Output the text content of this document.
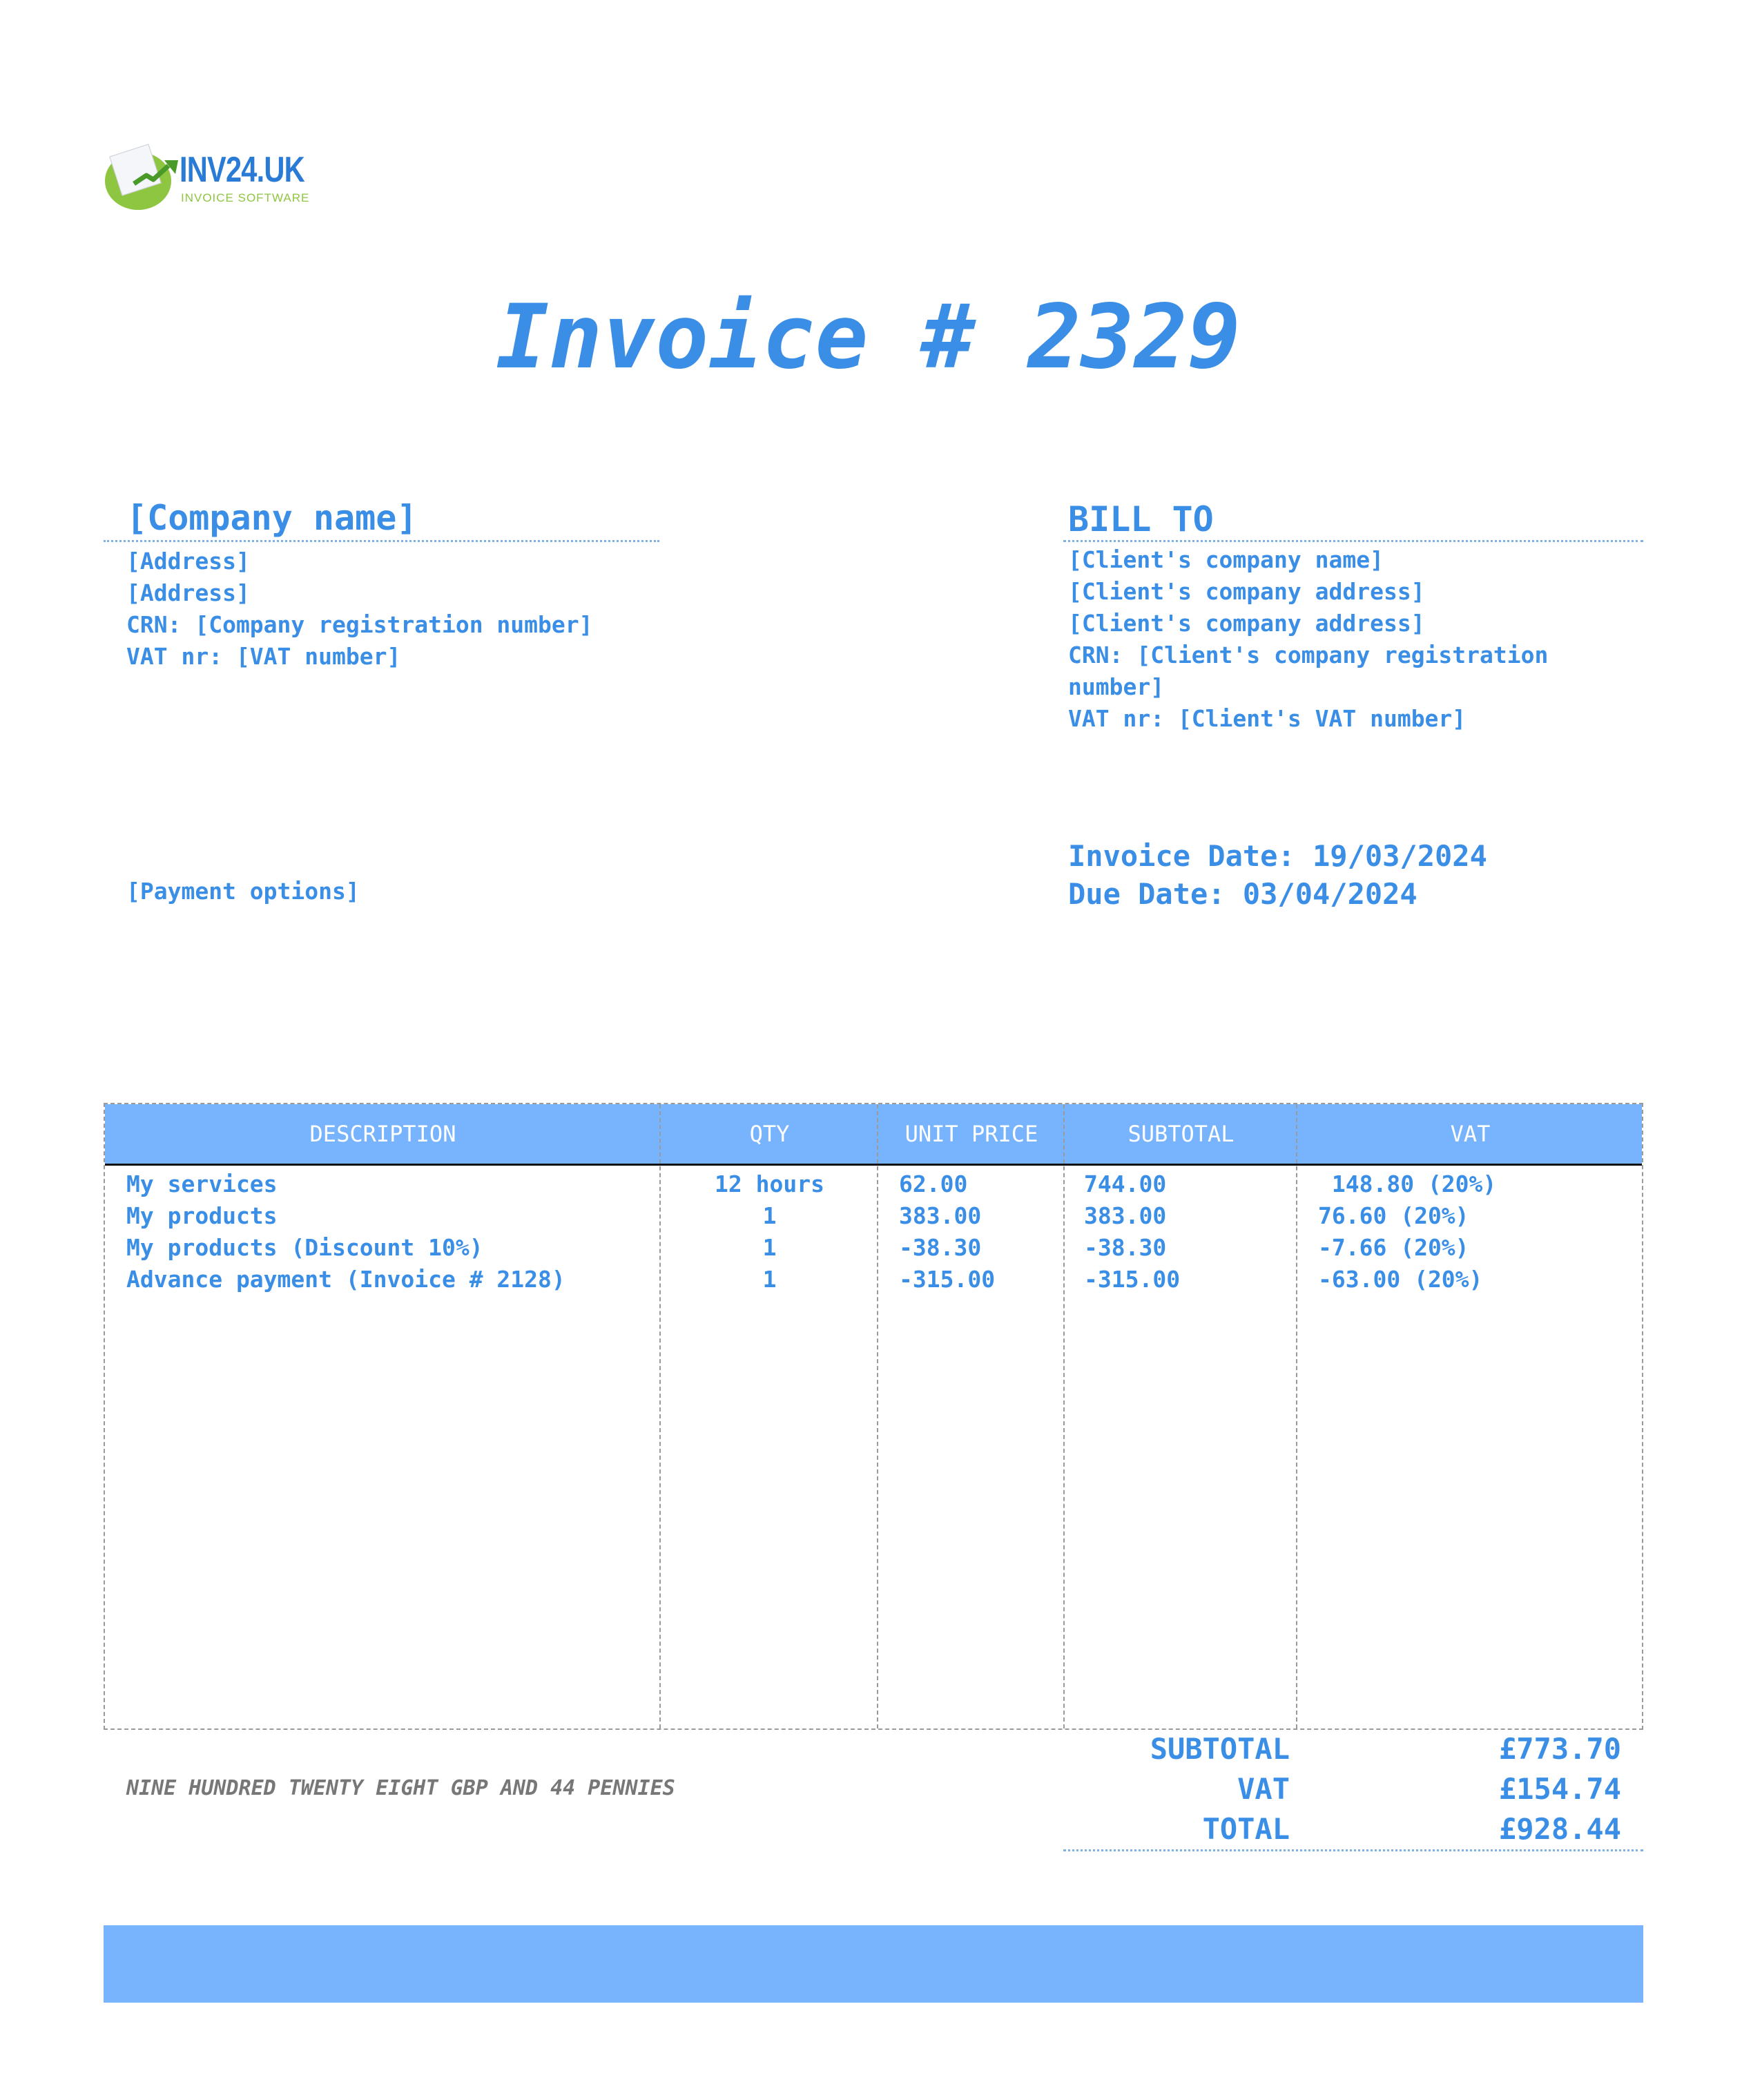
INV24.UK
INVOICE SOFTWARE
Invoice # 2329
[Company name]
[Address]
[Address]
CRN: [Company registration number]
VAT nr: [VAT number]
BILL TO
[Client's company name]
[Client's company address]
[Client's company address]
CRN: [Client's company registration
number]
VAT nr: [Client's VAT number]
[Payment options]
Invoice Date: 19/03/2024
Due Date: 03/04/2024
DESCRIPTION	QTY	UNIT PRICE	SUBTOTAL	VAT
My services	12 hours	62.00	744.00	148.80 (20%)
My products	1	383.00	383.00	76.60 (20%)
My products (Discount 10%)	1	-38.30	-38.30	-7.66 (20%)
Advance payment (Invoice # 2128)	1	-315.00	-315.00	-63.00 (20%)
SUBTOTAL	£773.70
VAT	£154.74
TOTAL	£928.44
NINE HUNDRED TWENTY EIGHT GBP AND 44 PENNIES
